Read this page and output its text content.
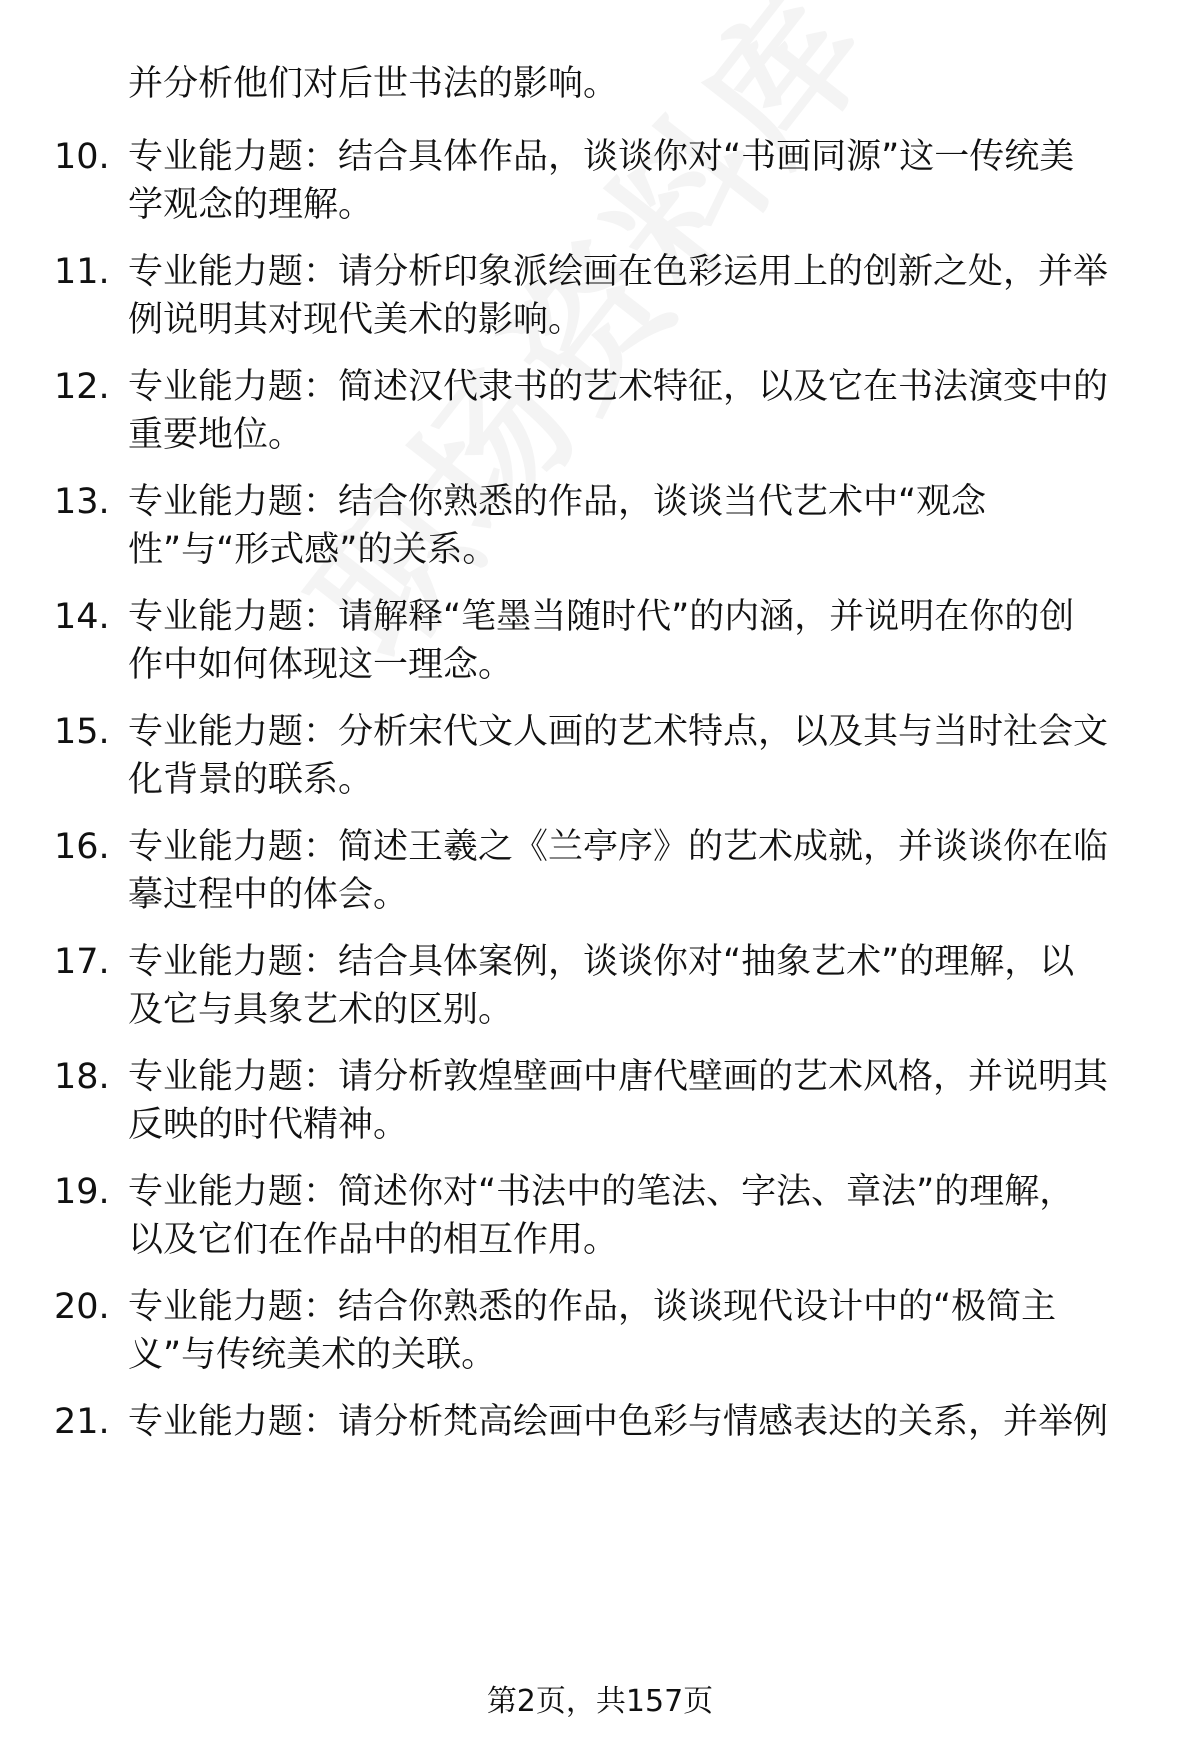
并分析他们对后世书法的影响。
10. 专业能力题：结合具体作品，谈谈你对“书画同源”这一传统美
学观念的理解。
11. 专业能力题：请分析印象派绘画在色彩运用上的创新之处，并举
例说明其对现代美术的影响。
12. 专业能力题：简述汉代隶书的艺术特征，以及它在书法演变中的
重要地位。
13. 专业能力题：结合你熟悉的作品，谈谈当代艺术中“观念
性”与“形式感”的关系。
14. 专业能力题：请解释“笔墨当随时代”的内涵，并说明在你的创
作中如何体现这一理念。
15. 专业能力题：分析宋代文人画的艺术特点，以及其与当时社会文
化背景的联系。
16. 专业能力题：简述王羲之《兰亭序》的艺术成就，并谈谈你在临
摹过程中的体会。
17. 专业能力题：结合具体案例，谈谈你对“抽象艺术”的理解，以
及它与具象艺术的区别。
18. 专业能力题：请分析敦煌壁画中唐代壁画的艺术风格，并说明其
反映的时代精神。
19. 专业能力题：简述你对“书法中的笔法、字法、章法”的理解，
以及它们在作品中的相互作用。
20. 专业能力题：结合你熟悉的作品，谈谈现代设计中的“极简主
义”与传统美术的关联。
21. 专业能力题：请分析梵高绘画中色彩与情感表达的关系，并举例
第2页，共157页
